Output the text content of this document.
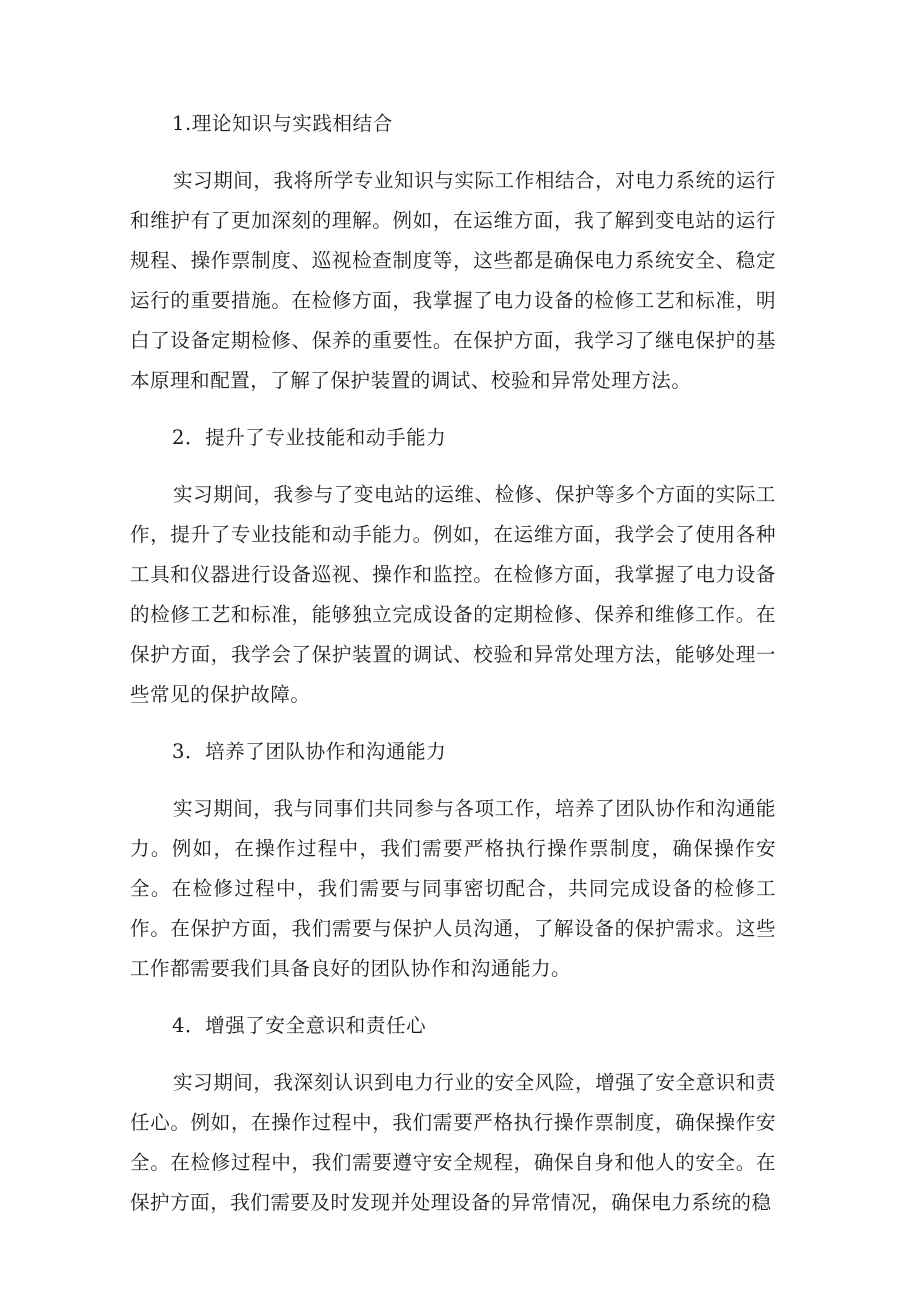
1.理论知识与实践相结合

实习期间，我将所学专业知识与实际工作相结合，对电力系统的运行和维护有了更加深刻的理解。例如，在运维方面，我了解到变电站的运行规程、操作票制度、巡视检查制度等，这些都是确保电力系统安全、稳定运行的重要措施。在检修方面，我掌握了电力设备的检修工艺和标准，明白了设备定期检修、保养的重要性。在保护方面，我学习了继电保护的基本原理和配置，了解了保护装置的调试、校验和异常处理方法。

2．提升了专业技能和动手能力

实习期间，我参与了变电站的运维、检修、保护等多个方面的实际工作，提升了专业技能和动手能力。例如，在运维方面，我学会了使用各种工具和仪器进行设备巡视、操作和监控。在检修方面，我掌握了电力设备的检修工艺和标准，能够独立完成设备的定期检修、保养和维修工作。在保护方面，我学会了保护装置的调试、校验和异常处理方法，能够处理一些常见的保护故障。

3．培养了团队协作和沟通能力

实习期间，我与同事们共同参与各项工作，培养了团队协作和沟通能力。例如，在操作过程中，我们需要严格执行操作票制度，确保操作安全。在检修过程中，我们需要与同事密切配合，共同完成设备的检修工作。在保护方面，我们需要与保护人员沟通，了解设备的保护需求。这些工作都需要我们具备良好的团队协作和沟通能力。

4．增强了安全意识和责任心

实习期间，我深刻认识到电力行业的安全风险，增强了安全意识和责任心。例如，在操作过程中，我们需要严格执行操作票制度，确保操作安全。在检修过程中，我们需要遵守安全规程，确保自身和他人的安全。在保护方面，我们需要及时发现并处理设备的异常情况，确保电力系统的稳
